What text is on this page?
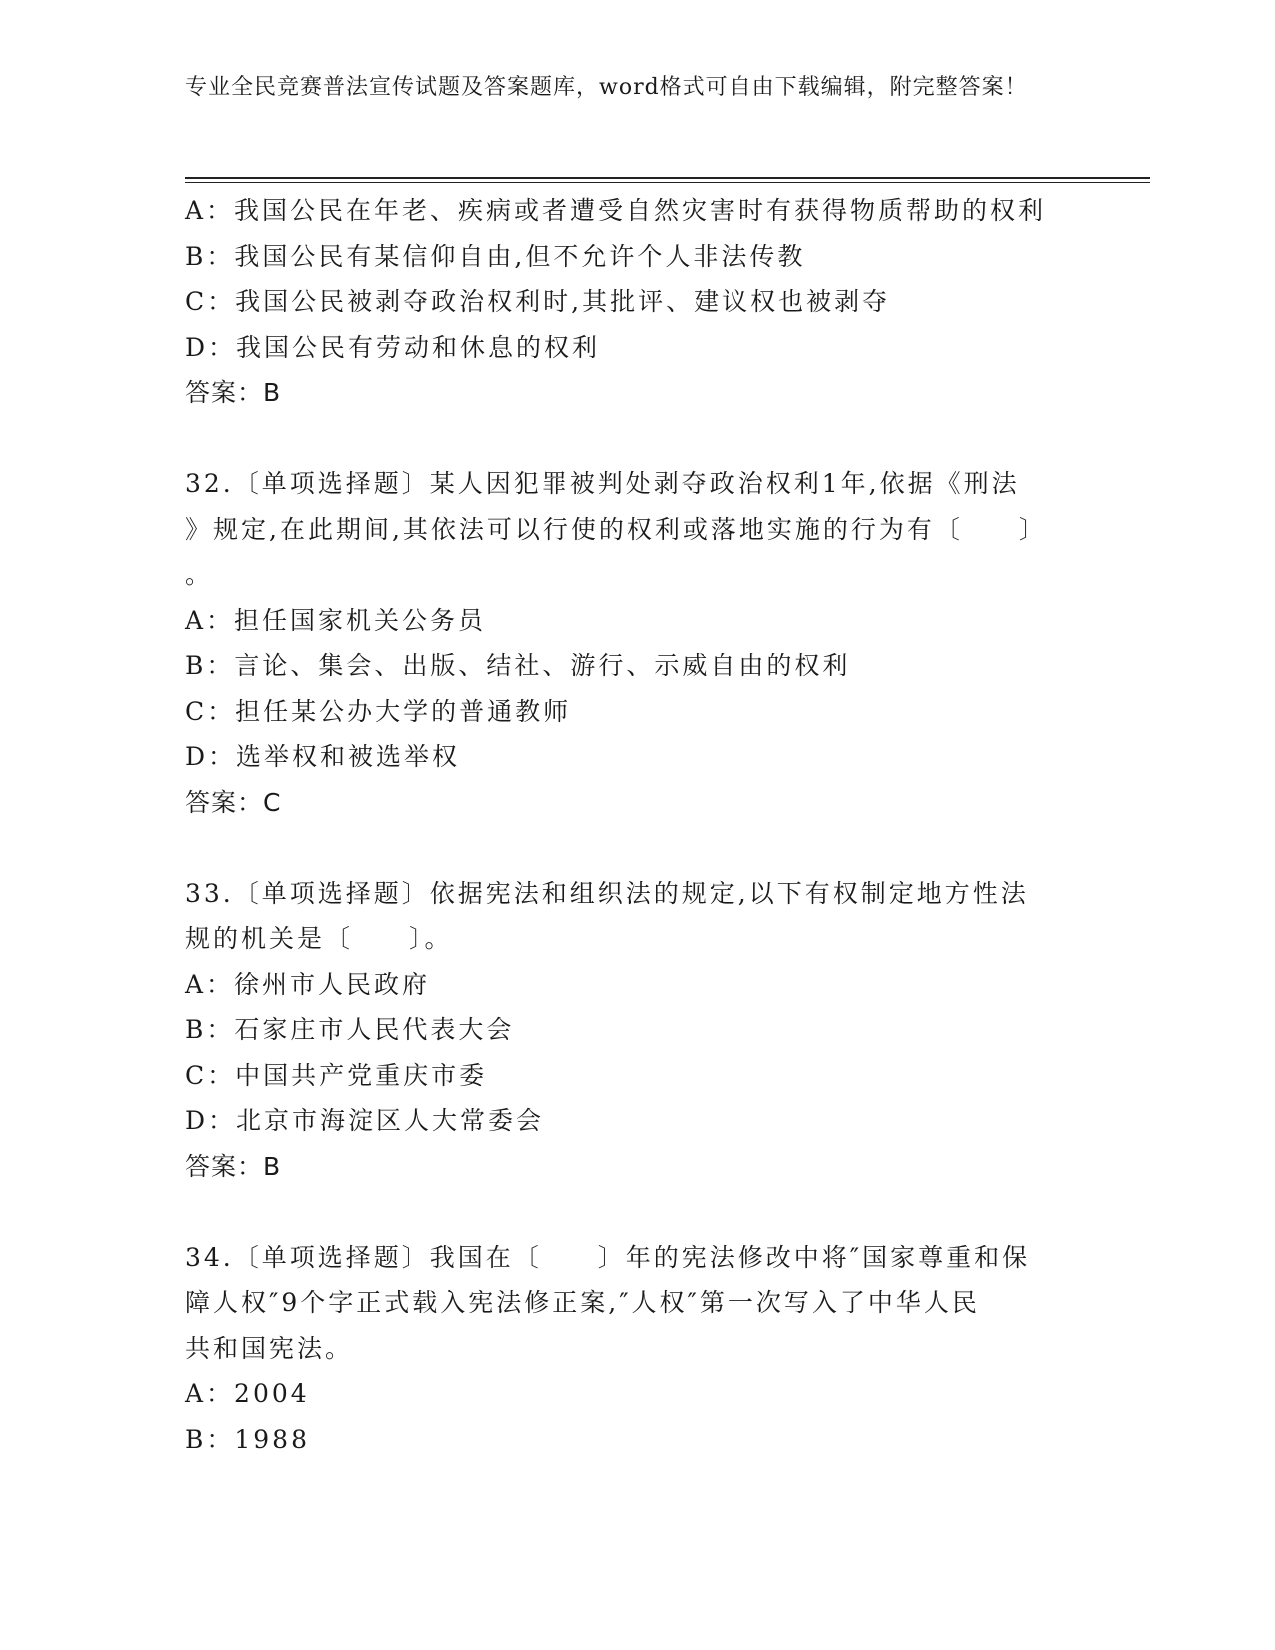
专业全民竞赛普法宣传试题及答案题库，word格式可自由下载编辑，附完整答案！
A：我国公民在年老、疾病或者遭受自然灾害时有获得物质帮助的权利
B：我国公民有某信仰自由,但不允许个人非法传教
C：我国公民被剥夺政治权利时,其批评、建议权也被剥夺
D：我国公民有劳动和休息的权利
答案：B
32.〔单项选择题〕某人因犯罪被判处剥夺政治权利1年,依据《刑法
》规定,在此期间,其依法可以行使的权利或落地实施的行为有〔　　〕
。
A：担任国家机关公务员
B：言论、集会、出版、结社、游行、示威自由的权利
C：担任某公办大学的普通教师
D：选举权和被选举权
答案：C
33.〔单项选择题〕依据宪法和组织法的规定,以下有权制定地方性法
规的机关是〔　　〕。
A：徐州市人民政府
B：石家庄市人民代表大会
C：中国共产党重庆市委
D：北京市海淀区人大常委会
答案：B
34.〔单项选择题〕我国在〔　　〕年的宪法修改中将″国家尊重和保
障人权″9个字正式载入宪法修正案,″人权″第一次写入了中华人民
共和国宪法。
A：2004
B：1988
